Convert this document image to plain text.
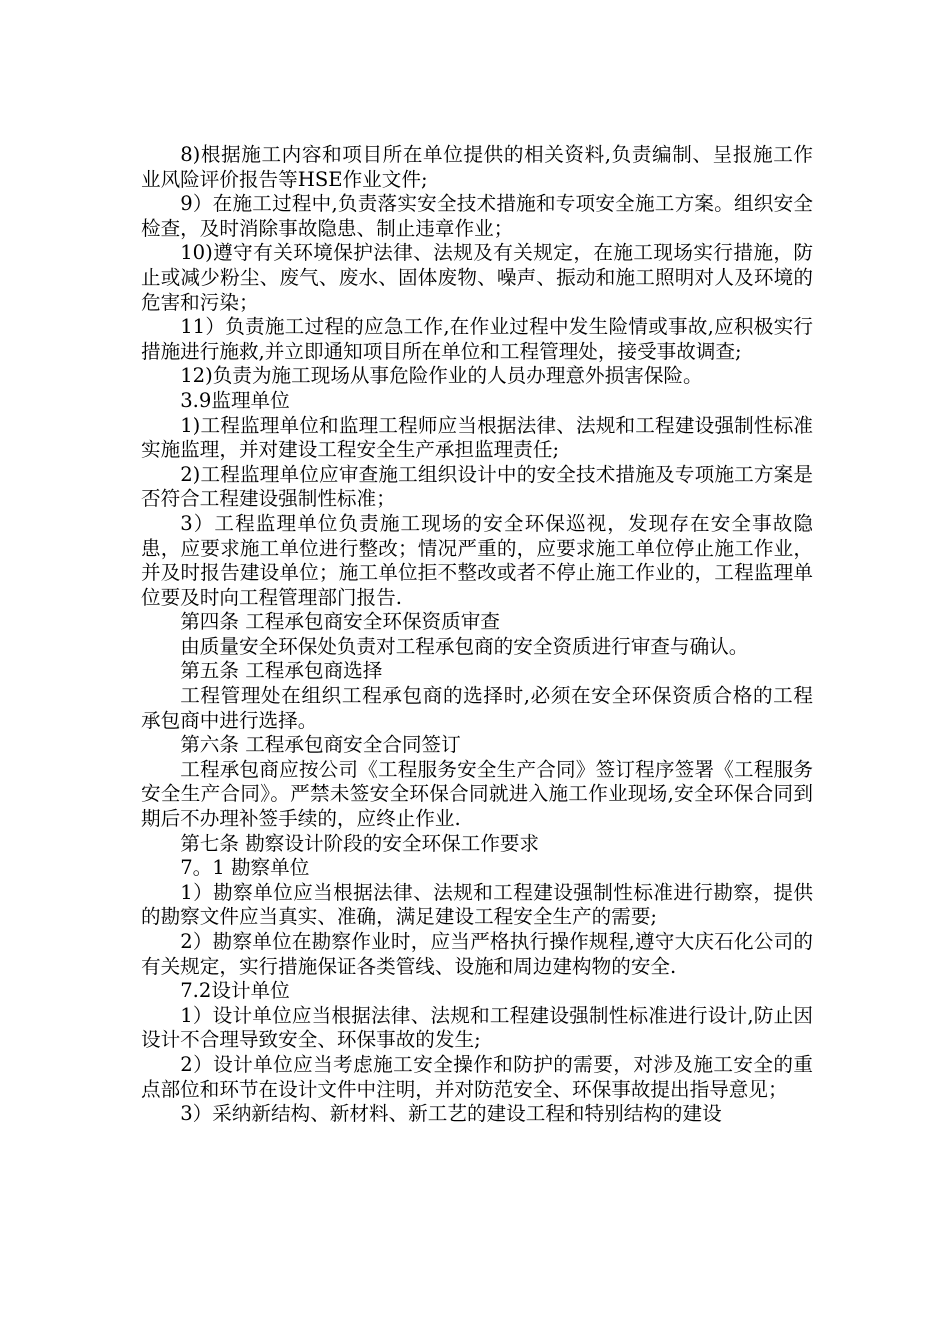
8)根据施工内容和项目所在单位提供的相关资料,负责编制、呈报施工作业风险评价报告等HSE作业文件;

9）在施工过程中,负责落实安全技术措施和专项安全施工方案。组织安全检查，及时消除事故隐患、制止违章作业；

10)遵守有关环境保护法律、法规及有关规定，在施工现场实行措施，防止或减少粉尘、废气、废水、固体废物、噪声、振动和施工照明对人及环境的危害和污染；

11）负责施工过程的应急工作,在作业过程中发生险情或事故,应积极实行措施进行施救,并立即通知项目所在单位和工程管理处，接受事故调查;

12)负责为施工现场从事危险作业的人员办理意外损害保险。

3.9监理单位

1)工程监理单位和监理工程师应当根据法律、法规和工程建设强制性标准实施监理，并对建设工程安全生产承担监理责任;

2)工程监理单位应审查施工组织设计中的安全技术措施及专项施工方案是否符合工程建设强制性标准；

3）工程监理单位负责施工现场的安全环保巡视，发现存在安全事故隐患，应要求施工单位进行整改；情况严重的，应要求施工单位停止施工作业，并及时报告建设单位；施工单位拒不整改或者不停止施工作业的，工程监理单位要及时向工程管理部门报告.

第四条 工程承包商安全环保资质审查

由质量安全环保处负责对工程承包商的安全资质进行审查与确认。

第五条 工程承包商选择

工程管理处在组织工程承包商的选择时,必须在安全环保资质合格的工程承包商中进行选择。

第六条 工程承包商安全合同签订

工程承包商应按公司《工程服务安全生产合同》签订程序签署《工程服务安全生产合同》。严禁未签安全环保合同就进入施工作业现场,安全环保合同到期后不办理补签手续的，应终止作业.

第七条 勘察设计阶段的安全环保工作要求

7。1 勘察单位

1）勘察单位应当根据法律、法规和工程建设强制性标准进行勘察，提供的勘察文件应当真实、准确，满足建设工程安全生产的需要;

2）勘察单位在勘察作业时，应当严格执行操作规程,遵守大庆石化公司的有关规定，实行措施保证各类管线、设施和周边建构物的安全.

7.2设计单位

1）设计单位应当根据法律、法规和工程建设强制性标准进行设计,防止因设计不合理导致安全、环保事故的发生;

2）设计单位应当考虑施工安全操作和防护的需要，对涉及施工安全的重点部位和环节在设计文件中注明，并对防范安全、环保事故提出指导意见；

3）采纳新结构、新材料、新工艺的建设工程和特别结构的建设
